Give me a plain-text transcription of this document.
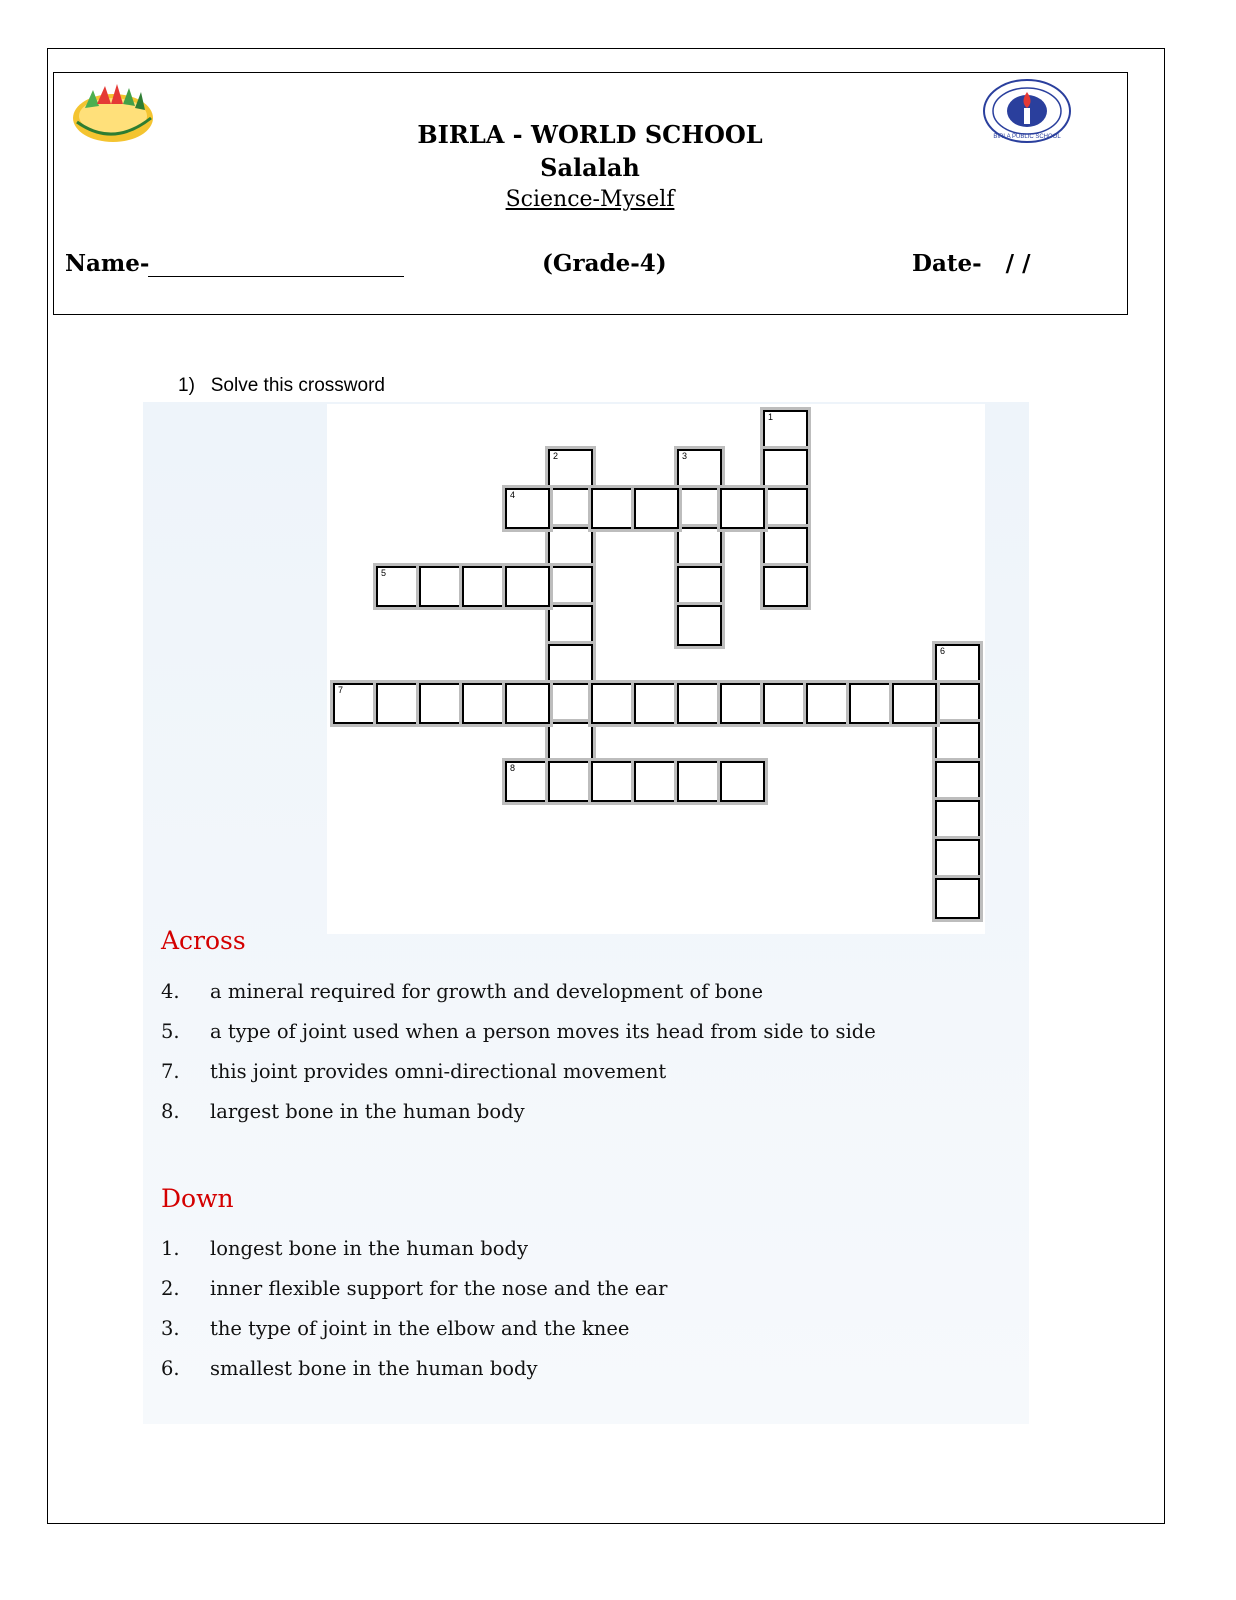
BIRLA PUBLIC SCHOOL
BIRLA - WORLD SCHOOL
Salalah
Science-Myself
Name-	(Grade-4)	Date-   / /
1)   Solve this crossword
1
2	3
4
5
6
7
8
Across
4. a mineral required for growth and development of bone
5. a type of joint used when a person moves its head from side to side
7. this joint provides omni-directional movement
8. largest bone in the human body
Down
1. longest bone in the human body
2. inner flexible support for the nose and the ear
3. the type of joint in the elbow and the knee
6. smallest bone in the human body
